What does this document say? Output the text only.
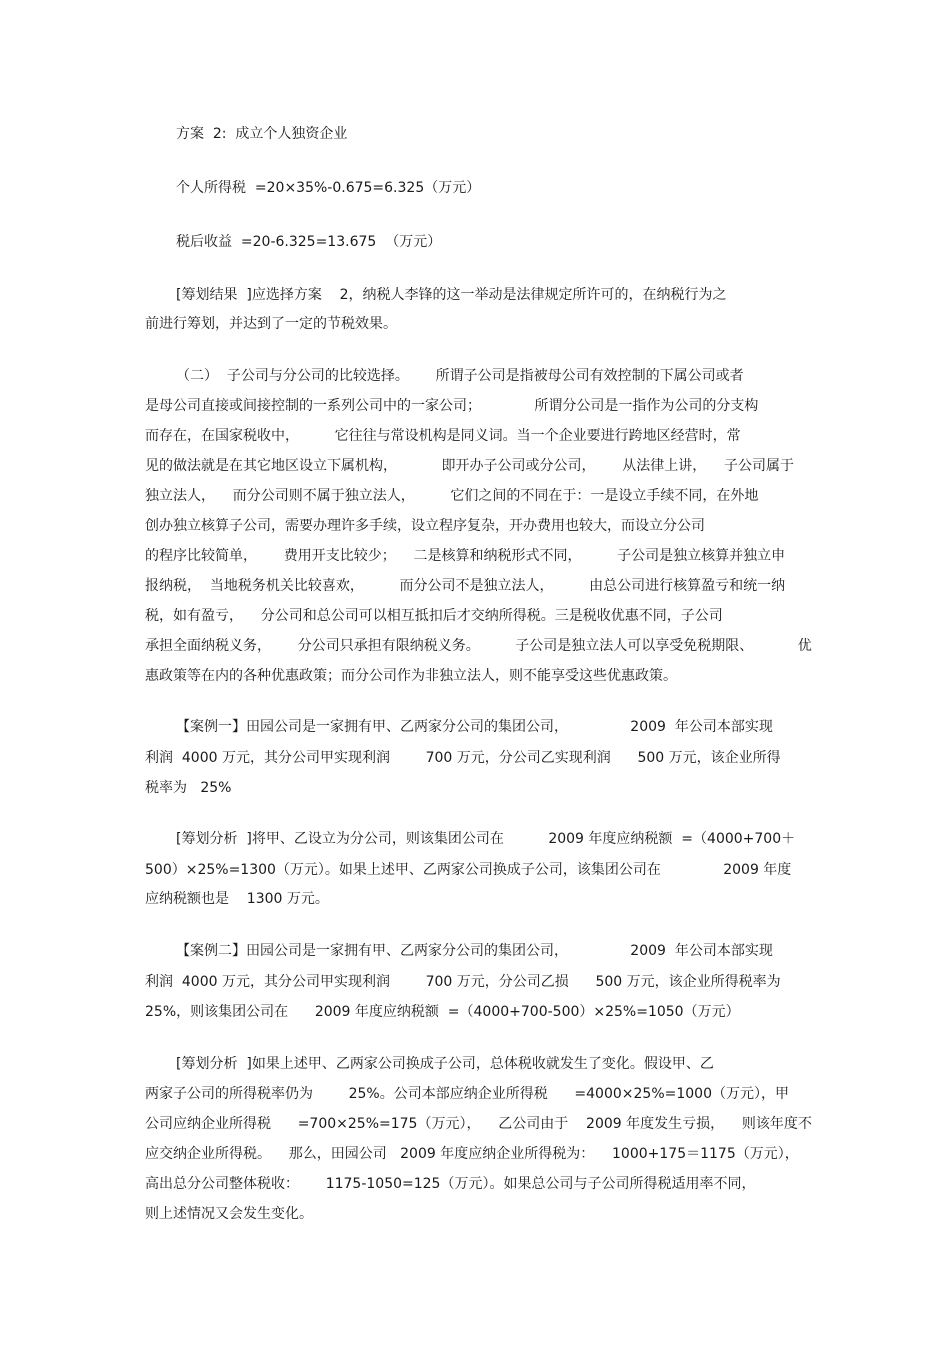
方案  2:  成立个人独资企业
个人所得税  =20×35%-0.675=6.325（万元）
税后收益  =20-6.325=13.675  （万元）
[筹划结果  ]应选择方案    2，纳税人李锋的这一举动是法律规定所许可的，在纳税行为之
前进行筹划，并达到了一定的节税效果。
（二）  子公司与分公司的比较选择。      所谓子公司是指被母公司有效控制的下属公司或者
是母公司直接或间接控制的一系列公司中的一家公司；            所谓分公司是一指作为公司的分支构
而存在，在国家税收中，        它往往与常设机构是同义词。当一个企业要进行跨地区经营时，常
见的做法就是在其它地区设立下属机构，          即开办子公司或分公司，      从法律上讲，    子公司属于
独立法人，    而分公司则不属于独立法人，        它们之间的不同在于：一是设立手续不同，在外地
创办独立核算子公司，需要办理许多手续，设立程序复杂，开办费用也较大，而设立分公司
的程序比较简单，      费用开支比较少；    二是核算和纳税形式不同，        子公司是独立核算并独立申
报纳税，  当地税务机关比较喜欢，        而分公司不是独立法人，        由总公司进行核算盈亏和统一纳
税，如有盈亏，    分公司和总公司可以相互抵扣后才交纳所得税。三是税收优惠不同，子公司
承担全面纳税义务，      分公司只承担有限纳税义务。        子公司是独立法人可以享受免税期限、          优
惠政策等在内的各种优惠政策；而分公司作为非独立法人，则不能享受这些优惠政策。
【案例一】田园公司是一家拥有甲、乙两家分公司的集团公司，              2009  年公司本部实现
利润  4000 万元，其分公司甲实现利润        700 万元，分公司乙实现利润      500 万元，该企业所得
税率为   25%
[筹划分析  ]将甲、乙设立为分公司，则该集团公司在          2009 年度应纳税额  =（4000+700＋
500）×25%=1300（万元）。如果上述甲、乙两家公司换成子公司，该集团公司在              2009 年度
应纳税额也是    1300 万元。
【案例二】田园公司是一家拥有甲、乙两家分公司的集团公司，              2009  年公司本部实现
利润  4000 万元，其分公司甲实现利润        700 万元，分公司乙损      500 万元，该企业所得税率为
25%，则该集团公司在      2009 年度应纳税额  =（4000+700-500）×25%=1050（万元）
[筹划分析  ]如果上述甲、乙两家公司换成子公司，总体税收就发生了变化。假设甲、乙
两家子公司的所得税率仍为        25%。公司本部应纳企业所得税      =4000×25%=1000（万元），甲
公司应纳企业所得税      =700×25%=175（万元），    乙公司由于    2009 年度发生亏损，    则该年度不
应交纳企业所得税。    那么，田园公司   2009 年度应纳企业所得税为：    1000+175＝1175（万元），
高出总分公司整体税收：      1175-1050=125（万元）。如果总公司与子公司所得税适用率不同，
则上述情况又会发生变化。
